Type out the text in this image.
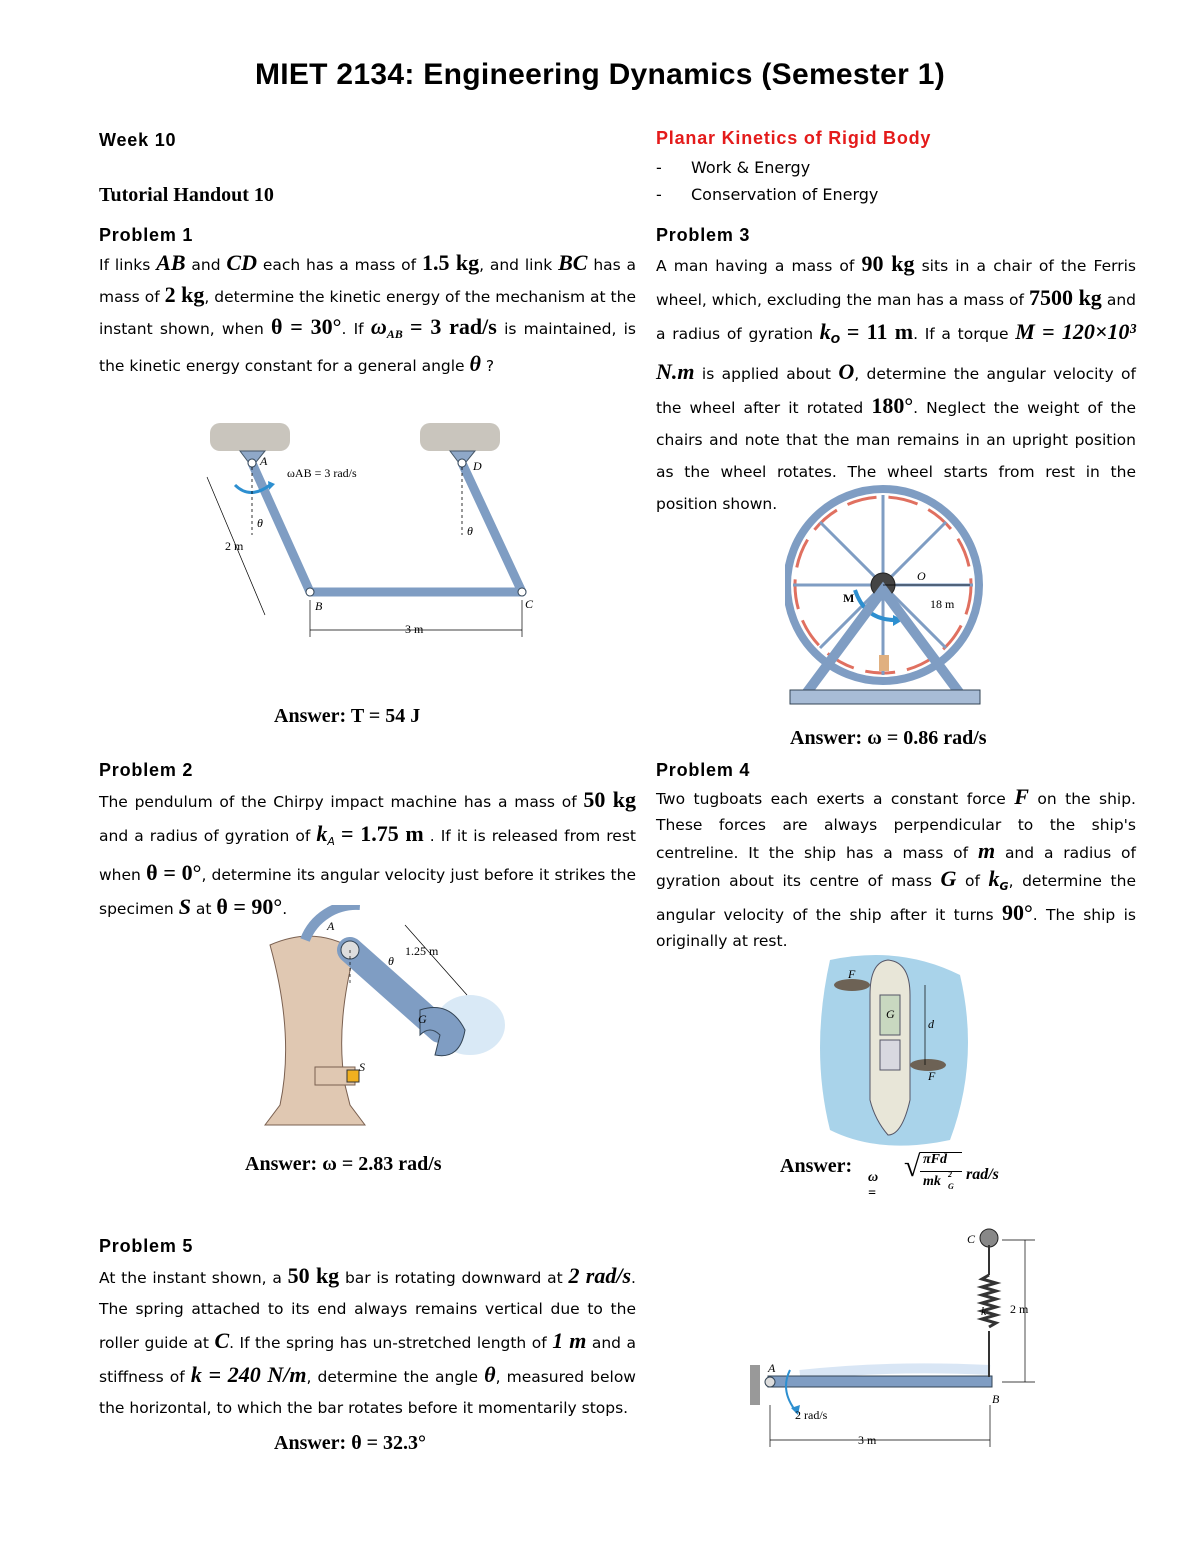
MIET 2134: Engineering Dynamics (Semester 1)
Week 10
Tutorial Handout 10
Planar Kinetics of Rigid Body
- Work & Energy
- Conservation of Energy
Problem 1
If links AB and CD each has a mass of 1.5 kg, and link BC has a mass of 2 kg, determine the kinetic energy of the mechanism at the instant shown, when θ = 30°. If $\omega_{AB} = 3$ rad/s is maintained, is the kinetic energy constant for a general angle θ ?
A	D
B	C
ωAB = 3 rad/s
θ
θ
2 m
3 m
Answer: T = 54 J
Problem 2
The pendulum of the Chirpy impact machine has a mass of 50 kg and a radius of gyration of $k_A = 1.75$ m . If it is released from rest when θ = 0°, determine its angular velocity just before it strikes the specimen S at θ = 90°.
A
G
S
θ
1.25 m
Answer: ω = 2.83 rad/s
Problem 3
A man having a mass of 90 kg sits in a chair of the Ferris wheel, which, excluding the man has a mass of 7500 kg and a radius of gyration $k_O = 11$ m. If a torque M = 120×10³ N.m is applied about O, determine the angular velocity of the wheel after it rotated 180°. Neglect the weight of the chairs and note that the man remains in an upright position as the wheel rotates. The wheel starts from rest in the position shown.
M
O
18 m
Answer: ω = 0.86 rad/s
Problem 4
Two tugboats each exerts a constant force F on the ship. These forces are always perpendicular to the ship's centreline. It the ship has a mass of m and a radius of gyration about its centre of mass G of $k_G$, determine the angular velocity of the ship after it turns 90°. The ship is originally at rest.
F
F
G
d
Answer:
ω =
√ πFd
mk 2
G
rad/s
Problem 5
At the instant shown, a 50 kg bar is rotating downward at 2 rad/s. The spring attached to its end always remains vertical due to the roller guide at C. If the spring has un-stretched length of 1 m and a stiffness of k = 240 N/m, determine the angle θ, measured below the horizontal, to which the bar rotates before it momentarily stops.
Answer: θ = 32.3°
A
B
C
k 2 m
3 m
2 rad/s
